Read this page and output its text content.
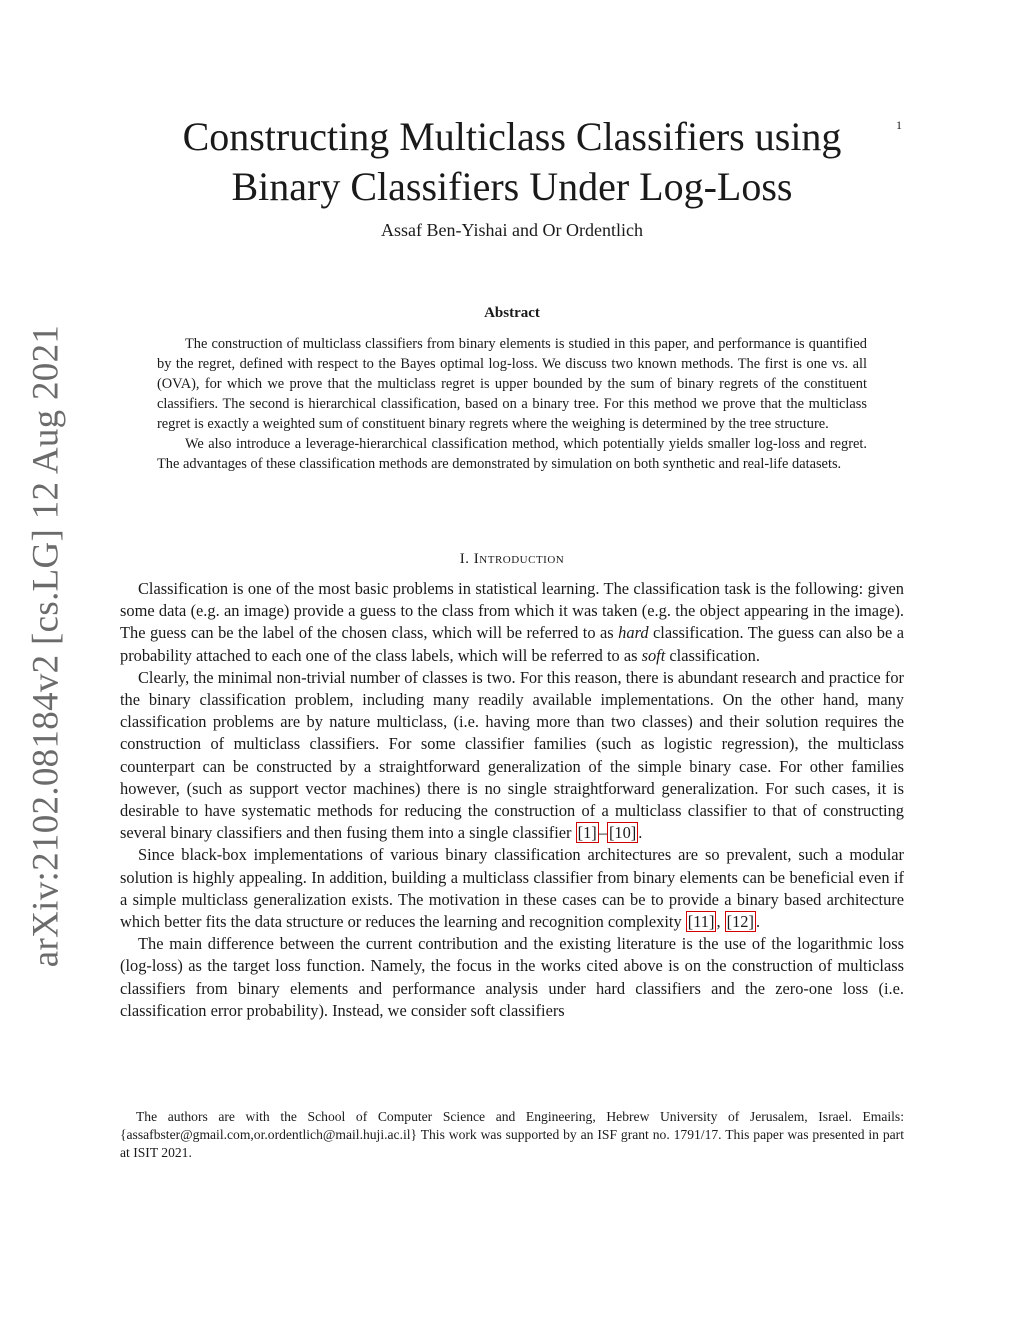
arXiv:2102.08184v2 [cs.LG] 12 Aug 2021
1
Constructing Multiclass Classifiers using
Binary Classifiers Under Log-Loss
Assaf Ben-Yishai and Or Ordentlich
Abstract

The construction of multiclass classifiers from binary elements is studied in this paper, and performance is quantified by the regret, defined with respect to the Bayes optimal log-loss. We discuss two known methods. The first is one vs. all (OVA), for which we prove that the multiclass regret is upper bounded by the sum of binary regrets of the constituent classifiers. The second is hierarchical classification, based on a binary tree. For this method we prove that the multiclass regret is exactly a weighted sum of constituent binary regrets where the weighing is determined by the tree structure.

We also introduce a leverage-hierarchical classification method, which potentially yields smaller log-loss and regret. The advantages of these classification methods are demonstrated by simulation on both synthetic and real-life datasets.

I. Introduction

Classification is one of the most basic problems in statistical learning. The classification task is the following: given some data (e.g. an image) provide a guess to the class from which it was taken (e.g. the object appearing in the image). The guess can be the label of the chosen class, which will be referred to as hard classification. The guess can also be a probability attached to each one of the class labels, which will be referred to as soft classification.

Clearly, the minimal non-trivial number of classes is two. For this reason, there is abundant research and practice for the binary classification problem, including many readily available implementations. On the other hand, many classification problems are by nature multiclass, (i.e. having more than two classes) and their solution requires the construction of multiclass classifiers. For some classifier families (such as logistic regression), the multiclass counterpart can be constructed by a straightforward generalization of the simple binary case. For other families however, (such as support vector machines) there is no single straightforward generalization. For such cases, it is desirable to have systematic methods for reducing the construction of a multiclass classifier to that of constructing several binary classifiers and then fusing them into a single classifier [1] – [10] .

Since black-box implementations of various binary classification architectures are so prevalent, such a modular solution is highly appealing. In addition, building a multiclass classifier from binary elements can be beneficial even if a simple multiclass generalization exists. The motivation in these cases can be to provide a binary based architecture which better fits the data structure or reduces the learning and recognition complexity [11] , [12] .

The main difference between the current contribution and the existing literature is the use of the logarithmic loss (log-loss) as the target loss function. Namely, the focus in the works cited above is on the construction of multiclass classifiers from binary elements and performance analysis under hard classifiers and the zero-one loss (i.e. classification error probability). Instead, we consider soft classifiers

The authors are with the School of Computer Science and Engineering, Hebrew University of Jerusalem, Israel. Emails: {assafbster@gmail.com,or.ordentlich@mail.huji.ac.il} This work was supported by an ISF grant no. 1791/17. This paper was presented in part at ISIT 2021.
